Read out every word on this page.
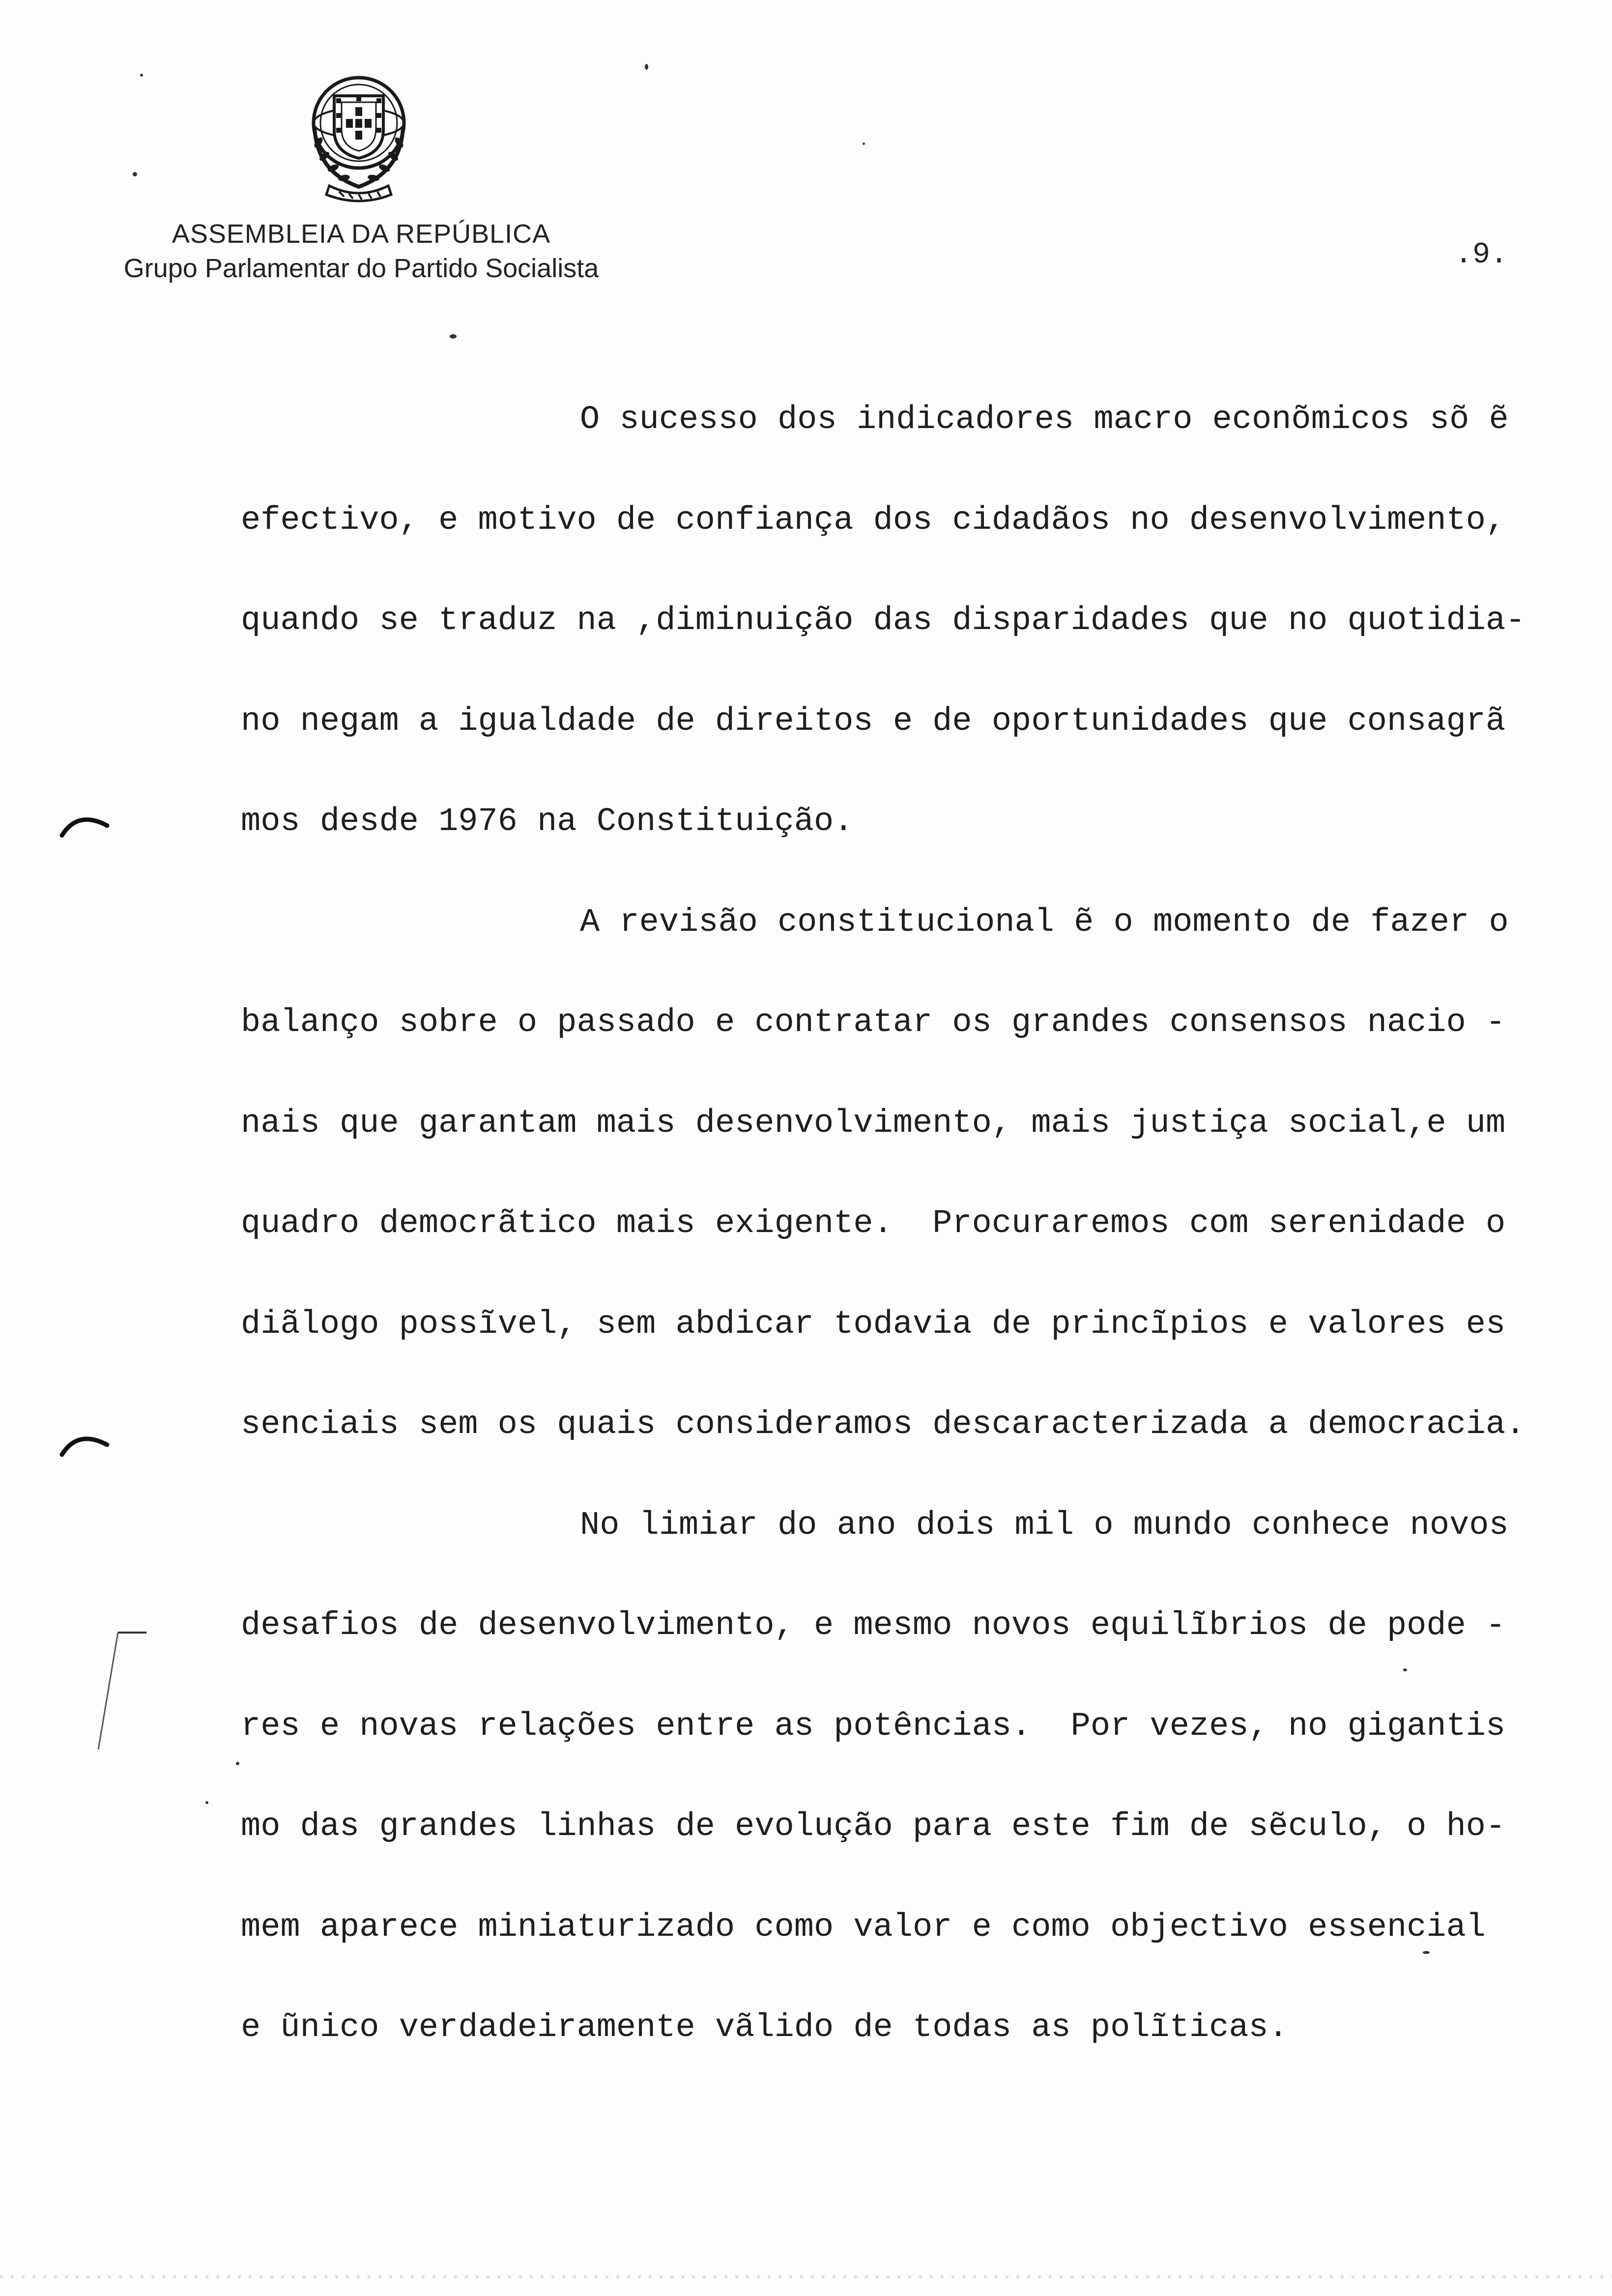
ASSEMBLEIA DA REPÚBLICA
Grupo Parlamentar do Partido Socialista	.9.
O sucesso dos indicadores macro econõmicos sõ ẽ
efectivo, e motivo de confiança dos cidadãos no desenvolvimento,
quando se traduz na ,diminuição das disparidades que no quotidia-
no negam a igualdade de direitos e de oportunidades que consagrã
mos desde 1976 na Constituição.
A revisão constitucional ẽ o momento de fazer o
balanço sobre o passado e contratar os grandes consensos nacio -
nais que garantam mais desenvolvimento, mais justiça social,e um
quadro democrãtico mais exigente.  Procuraremos com serenidade o
diãlogo possĩvel, sem abdicar todavia de princĩpios e valores es
senciais sem os quais consideramos descaracterizada a democracia.
No limiar do ano dois mil o mundo conhece novos
desafios de desenvolvimento, e mesmo novos equilĩbrios de pode -
res e novas relações entre as potências.  Por vezes, no gigantis
mo das grandes linhas de evolução para este fim de sẽculo, o ho-
mem aparece miniaturizado como valor e como objectivo essencial
e ũnico verdadeiramente vãlido de todas as polĩticas.
